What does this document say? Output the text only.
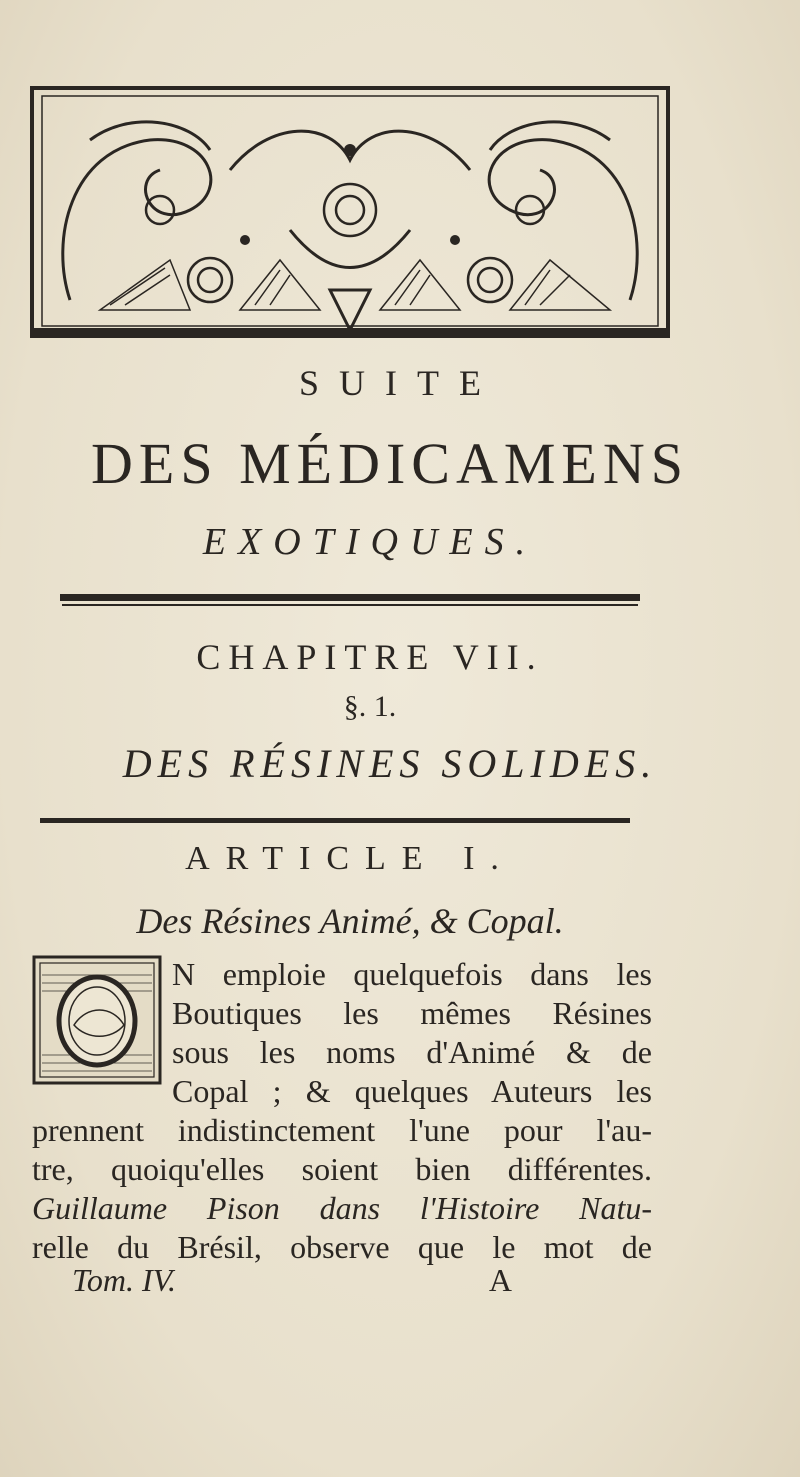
SUITE
DES MÉDICAMENS
EXOTIQUES.
CHAPITRE VII.
§. 1.
DES RÉSINES SOLIDES.
ARTICLE I.
Des Résines Animé, & Copal.
N emploie quelquefois dans les
Boutiques les mêmes Résines
sous les noms d'Animé & de
Copal ; & quelques Auteurs les
prennent indistinctement l'une pour l'au-
tre, quoiqu'elles soient bien différentes.
Guillaume Pison dans l'Histoire Natu-
relle du Brésil, observe que le mot de
Tom. IV.	A
